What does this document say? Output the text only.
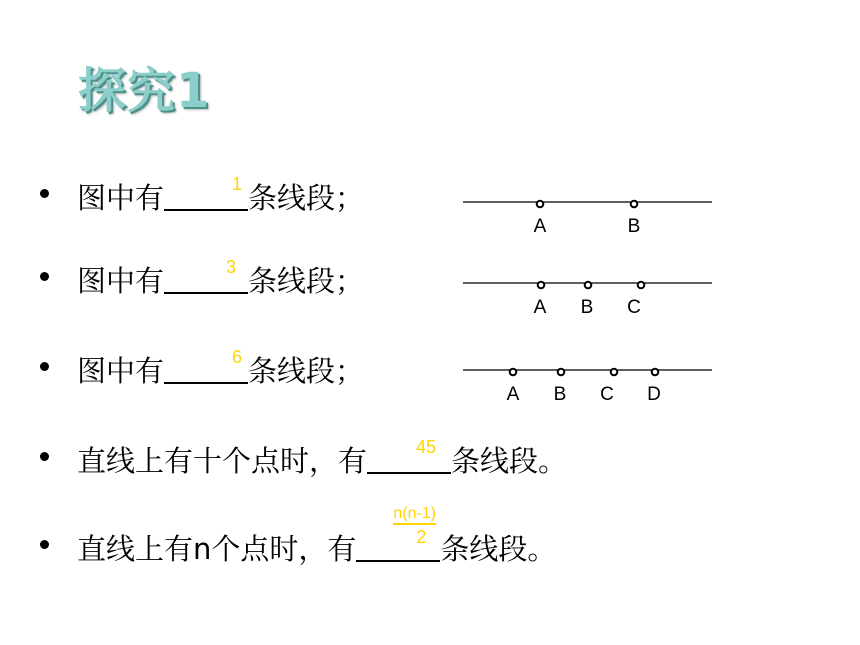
探究1
图中有	1 条线段；
图中有	3 条线段；
图中有	6 条线段；
直线上有十个点时，有	45 条线段。
直线上有n个点时，有 $\frac{n(n-1)}{2}$ 条线段。
A	B
A B C
A B C D
